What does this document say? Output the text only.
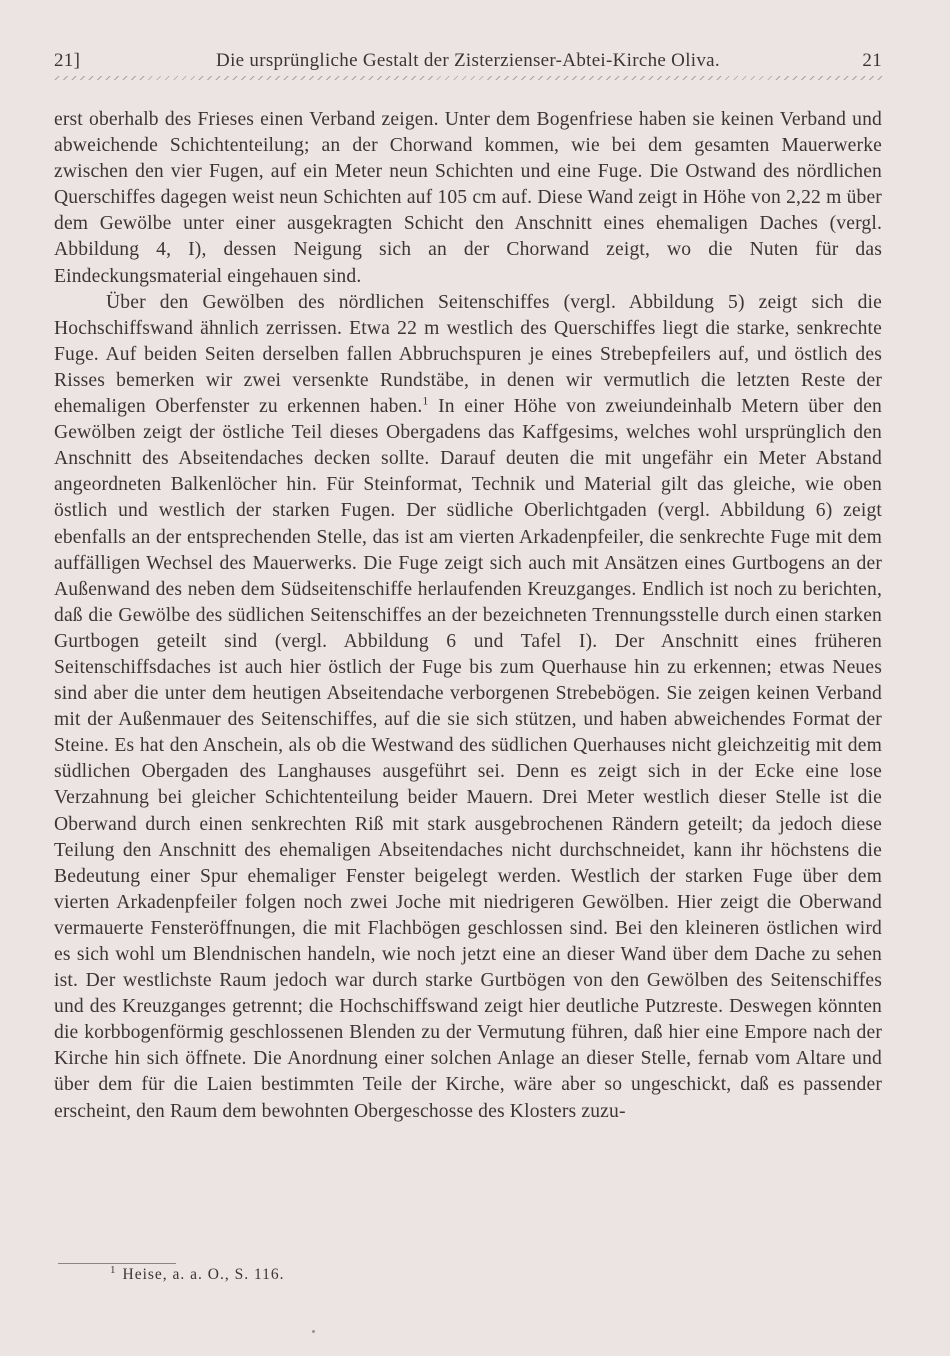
21]	Die ursprüngliche Gestalt der Zisterzienser-Abtei-Kirche Oliva.	21

erst oberhalb des Frieses einen Verband zeigen. Unter dem Bogenfriese haben sie keinen Verband und abweichende Schichtenteilung; an der Chorwand kommen, wie bei dem gesamten Mauerwerke zwischen den vier Fugen, auf ein Meter neun Schichten und eine Fuge. Die Ostwand des nördlichen Querschiffes dagegen weist neun Schichten auf 105 cm auf. Diese Wand zeigt in Höhe von 2,22 m über dem Gewölbe unter einer ausgekragten Schicht den Anschnitt eines ehemaligen Daches (vergl. Abbildung 4, I), dessen Neigung sich an der Chorwand zeigt, wo die Nuten für das Eindeckungsmaterial eingehauen sind.

Über den Gewölben des nördlichen Seitenschiffes (vergl. Abbildung 5) zeigt sich die Hochschiffswand ähnlich zerrissen. Etwa 22 m westlich des Querschiffes liegt die starke, senkrechte Fuge. Auf beiden Seiten derselben fallen Abbruchspuren je eines Strebepfeilers auf, und östlich des Risses bemerken wir zwei versenkte Rundstäbe, in denen wir vermutlich die letzten Reste der ehemaligen Oberfenster zu erkennen haben.$^1$ In einer Höhe von zweiundeinhalb Metern über den Gewölben zeigt der östliche Teil dieses Obergadens das Kaffgesims, welches wohl ursprünglich den Anschnitt des Abseitendaches decken sollte. Darauf deuten die mit ungefähr ein Meter Abstand angeordneten Balkenlöcher hin. Für Steinformat, Technik und Material gilt das gleiche, wie oben östlich und westlich der starken Fugen. Der südliche Oberlichtgaden (vergl. Abbildung 6) zeigt ebenfalls an der entsprechenden Stelle, das ist am vierten Arkadenpfeiler, die senkrechte Fuge mit dem auffälligen Wechsel des Mauerwerks. Die Fuge zeigt sich auch mit Ansätzen eines Gurtbogens an der Außenwand des neben dem Südseitenschiffe herlaufenden Kreuzganges. Endlich ist noch zu berichten, daß die Gewölbe des südlichen Seitenschiffes an der bezeichneten Trennungsstelle durch einen starken Gurtbogen geteilt sind (vergl. Abbildung 6 und Tafel I). Der Anschnitt eines früheren Seitenschiffsdaches ist auch hier östlich der Fuge bis zum Querhause hin zu erkennen; etwas Neues sind aber die unter dem heutigen Abseitendache verborgenen Strebebögen. Sie zeigen keinen Verband mit der Außenmauer des Seitenschiffes, auf die sie sich stützen, und haben abweichendes Format der Steine. Es hat den Anschein, als ob die Westwand des südlichen Querhauses nicht gleichzeitig mit dem südlichen Obergaden des Langhauses ausgeführt sei. Denn es zeigt sich in der Ecke eine lose Verzahnung bei gleicher Schichtenteilung beider Mauern. Drei Meter westlich dieser Stelle ist die Oberwand durch einen senkrechten Riß mit stark ausgebrochenen Rändern geteilt; da jedoch diese Teilung den Anschnitt des ehemaligen Abseitendaches nicht durchschneidet, kann ihr höchstens die Bedeutung einer Spur ehemaliger Fenster beigelegt werden. Westlich der starken Fuge über dem vierten Arkadenpfeiler folgen noch zwei Joche mit niedrigeren Gewölben. Hier zeigt die Oberwand vermauerte Fensteröffnungen, die mit Flachbögen geschlossen sind. Bei den kleineren östlichen wird es sich wohl um Blendnischen handeln, wie noch jetzt eine an dieser Wand über dem Dache zu sehen ist. Der westlichste Raum jedoch war durch starke Gurtbögen von den Gewölben des Seitenschiffes und des Kreuzganges getrennt; die Hochschiffswand zeigt hier deutliche Putzreste. Deswegen könnten die korbbogenförmig geschlossenen Blenden zu der Vermutung führen, daß hier eine Empore nach der Kirche hin sich öffnete. Die Anordnung einer solchen Anlage an dieser Stelle, fernab vom Altare und über dem für die Laien bestimmten Teile der Kirche, wäre aber so ungeschickt, daß es passender erscheint, den Raum dem bewohnten Obergeschosse des Klosters zuzu-

$^1$ Heise, a. a. O., S. 116.
